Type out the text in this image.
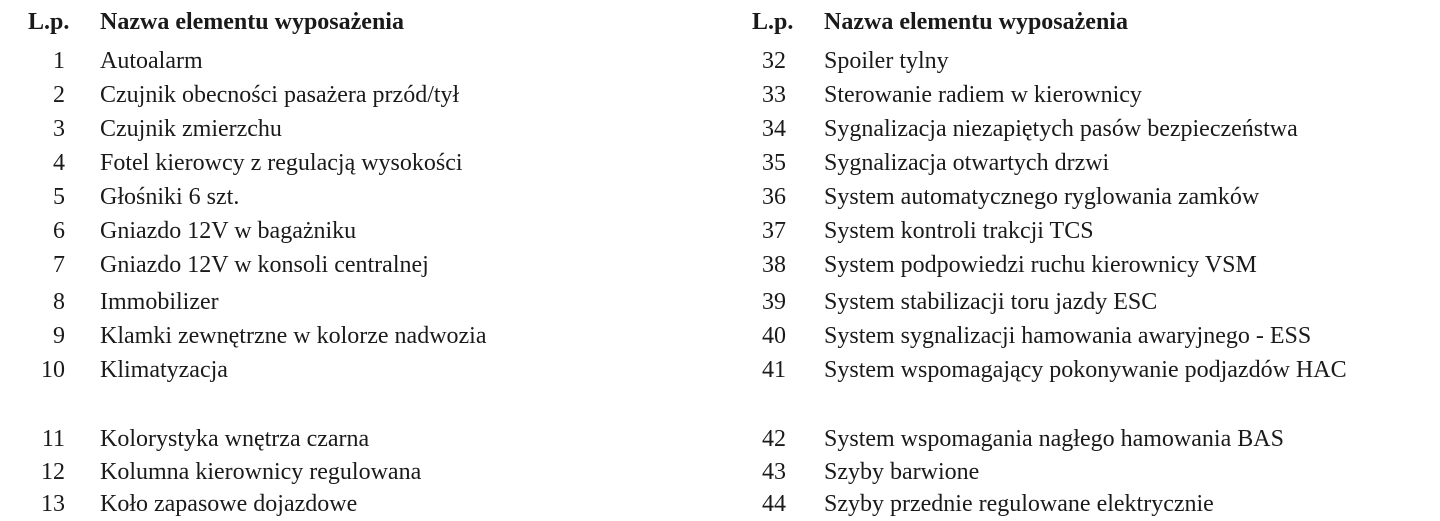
L.p. Nazwa elementu wyposażenia
1 Autoalarm
2 Czujnik obecności pasażera przód/tył
3 Czujnik zmierzchu
4 Fotel kierowcy z regulacją wysokości
5 Głośniki 6 szt.
6 Gniazdo 12V w bagażniku
7 Gniazdo 12V w konsoli centralnej
8 Immobilizer
9 Klamki zewnętrzne w kolorze nadwozia
10 Klimatyzacja
11 Kolorystyka wnętrza czarna
12 Kolumna kierownicy regulowana
13 Koło zapasowe dojazdowe
L.p. Nazwa elementu wyposażenia
32 Spoiler tylny
33 Sterowanie radiem w kierownicy
34 Sygnalizacja niezapiętych pasów bezpieczeństwa
35 Sygnalizacja otwartych drzwi
36 System automatycznego ryglowania zamków
37 System kontroli trakcji TCS
38 System podpowiedzi ruchu kierownicy VSM
39 System stabilizacji toru jazdy ESC
40 System sygnalizacji hamowania awaryjnego - ESS
41 System wspomagający pokonywanie podjazdów HAC
42 System wspomagania nagłego hamowania BAS
43 Szyby barwione
44 Szyby przednie regulowane elektrycznie
